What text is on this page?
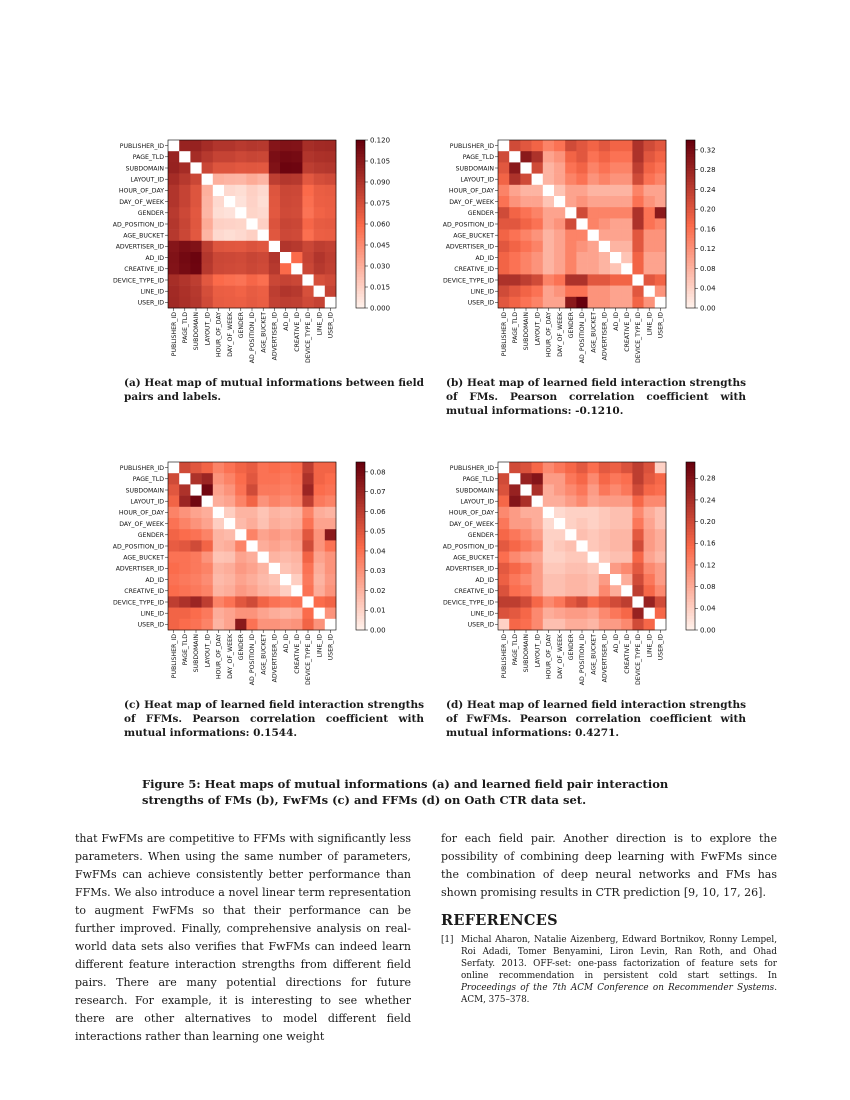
PUBLISHER_ID
PAGE_TLD
SUBDOMAIN
LAYOUT_ID
HOUR_OF_DAY
DAY_OF_WEEK
GENDER
AD_POSITION_ID
AGE_BUCKET
ADVERTISER_ID
AD_ID
CREATIVE_ID
DEVICE_TYPE_ID
LINE_ID
USER_ID
PUBLISHER_ID PAGE_TLD SUBDOMAIN LAYOUT_ID HOUR_OF_DAY DAY_OF_WEEK GENDER AD_POSITION_ID AGE_BUCKET ADVERTISER_ID AD_ID CREATIVE_ID DEVICE_TYPE_ID LINE_ID USER_ID
0.000
0.015
0.030
0.045
0.060
0.075
0.090
0.105
0.120
(a) Heat map of mutual informations between field pairs and labels.
PUBLISHER_ID
PAGE_TLD
SUBDOMAIN
LAYOUT_ID
HOUR_OF_DAY
DAY_OF_WEEK
GENDER
AD_POSITION_ID
AGE_BUCKET
ADVERTISER_ID
AD_ID
CREATIVE_ID
DEVICE_TYPE_ID
LINE_ID
USER_ID
PUBLISHER_ID PAGE_TLD SUBDOMAIN LAYOUT_ID HOUR_OF_DAY DAY_OF_WEEK GENDER AD_POSITION_ID AGE_BUCKET ADVERTISER_ID AD_ID CREATIVE_ID DEVICE_TYPE_ID LINE_ID USER_ID
0.00
0.04
0.08
0.12
0.16
0.20
0.24
0.28
0.32
(b) Heat map of learned field interaction strengths of FMs. Pearson correlation coefficient with mutual informations: -0.1210.
PUBLISHER_ID
PAGE_TLD
SUBDOMAIN
LAYOUT_ID
HOUR_OF_DAY
DAY_OF_WEEK
GENDER
AD_POSITION_ID
AGE_BUCKET
ADVERTISER_ID
AD_ID
CREATIVE_ID
DEVICE_TYPE_ID
LINE_ID
USER_ID
PUBLISHER_ID PAGE_TLD SUBDOMAIN LAYOUT_ID HOUR_OF_DAY DAY_OF_WEEK GENDER AD_POSITION_ID AGE_BUCKET ADVERTISER_ID AD_ID CREATIVE_ID DEVICE_TYPE_ID LINE_ID USER_ID
0.00
0.01
0.02
0.03
0.04
0.05
0.06
0.07
0.08
(c) Heat map of learned field interaction strengths of FFMs. Pearson correlation coefficient with mutual informations: 0.1544.
PUBLISHER_ID
PAGE_TLD
SUBDOMAIN
LAYOUT_ID
HOUR_OF_DAY
DAY_OF_WEEK
GENDER
AD_POSITION_ID
AGE_BUCKET
ADVERTISER_ID
AD_ID
CREATIVE_ID
DEVICE_TYPE_ID
LINE_ID
USER_ID
PUBLISHER_ID PAGE_TLD SUBDOMAIN LAYOUT_ID HOUR_OF_DAY DAY_OF_WEEK GENDER AD_POSITION_ID AGE_BUCKET ADVERTISER_ID AD_ID CREATIVE_ID DEVICE_TYPE_ID LINE_ID USER_ID
0.00
0.04
0.08
0.12
0.16
0.20
0.24
0.28
(d) Heat map of learned field interaction strengths of FwFMs. Pearson correlation coefficient with mutual informations: 0.4271.
Figure 5: Heat maps of mutual informations (a) and learned field pair interaction strengths of FMs (b), FwFMs (c) and FFMs (d) on Oath CTR data set.
that FwFMs are competitive to FFMs with significantly less parameters. When using the same number of parameters, FwFMs can achieve consistently better performance than FFMs. We also introduce a novel linear term representation to augment FwFMs so that their performance can be further improved. Finally, comprehensive analysis on real-world data sets also verifies that FwFMs can indeed learn different feature interaction strengths from different field pairs. There are many potential directions for future research. For example, it is interesting to see whether there are other alternatives to model different field interactions rather than learning one weight
for each field pair. Another direction is to explore the possibility of combining deep learning with FwFMs since the combination of deep neural networks and FMs has shown promising results in CTR prediction [9, 10, 17, 26].
REFERENCES
[1] Michal Aharon, Natalie Aizenberg, Edward Bortnikov, Ronny Lempel, Roi Adadi, Tomer Benyamini, Liron Levin, Ran Roth, and Ohad Serfaty. 2013. OFF-set: one-pass factorization of feature sets for online recommendation in persistent cold start settings. In Proceedings of the 7th ACM Conference on Recommender Systems. ACM, 375–378.
